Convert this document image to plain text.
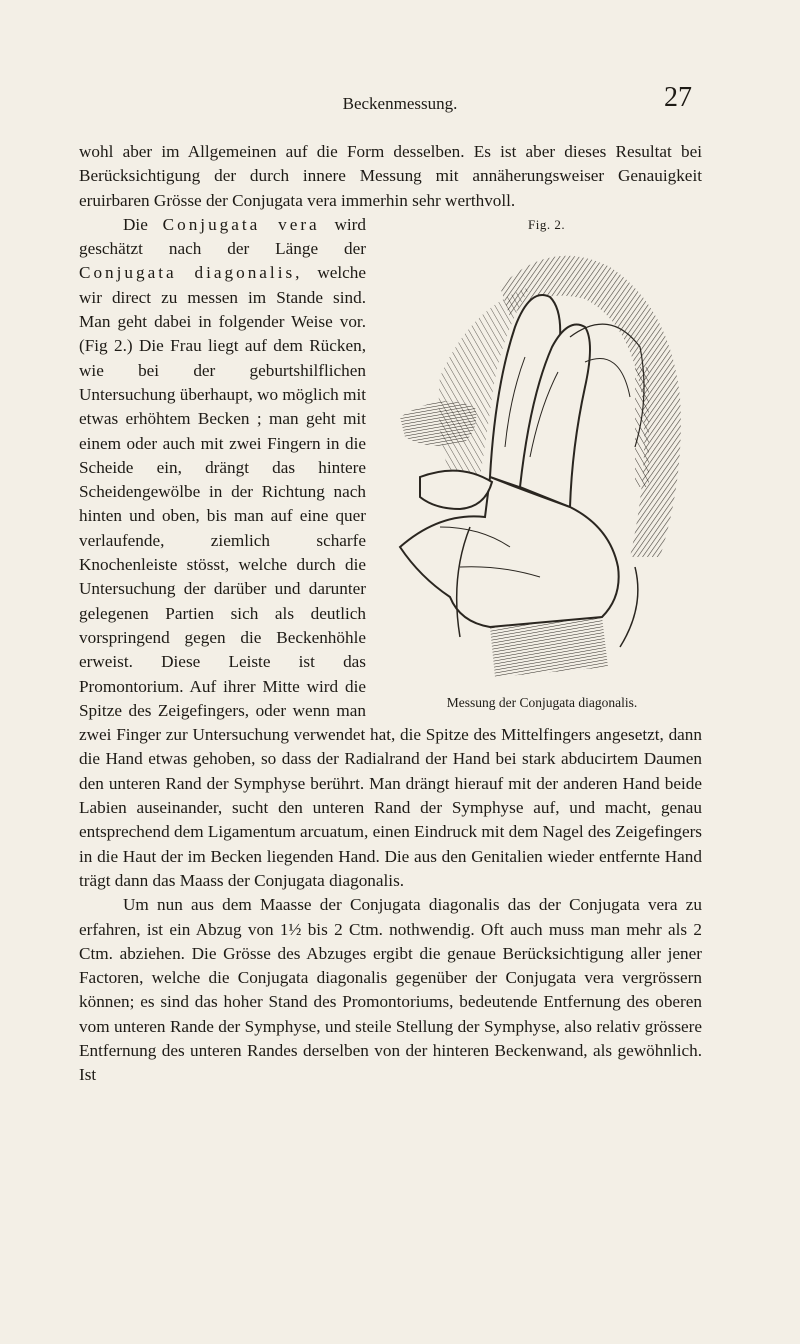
Beckenmessung.	27

wohl aber im Allgemeinen auf die Form desselben. Es ist aber dieses Resultat bei Berücksichtigung der durch innere Messung mit annäherungsweiser Genauigkeit eruirbaren Grösse der Conjugata vera immerhin sehr werthvoll.

Fig. 2.
Messung der Conjugata diagonalis.

Die Conjugata vera wird geschätzt nach der Länge der Conjugata diagonalis, welche wir direct zu messen im Stande sind. Man geht dabei in folgender Weise vor. (Fig 2.) Die Frau liegt auf dem Rücken, wie bei der geburtshilflichen Untersuchung überhaupt, wo möglich mit etwas erhöhtem Becken ; man geht mit einem oder auch mit zwei Fingern in die Scheide ein, drängt das hintere Scheidengewölbe in der Richtung nach hinten und oben, bis man auf eine quer verlaufende, ziemlich scharfe Knochenleiste stösst, welche durch die Untersuchung der darüber und darunter gelegenen Partien sich als deutlich vorspringend gegen die Beckenhöhle erweist. Diese Leiste ist das Promontorium. Auf ihrer Mitte wird die Spitze des Zeigefingers, oder wenn man zwei Finger zur Untersuchung verwendet hat, die Spitze des Mittelfingers angesetzt, dann die Hand etwas gehoben, so dass der Radialrand der Hand bei stark abducirtem Daumen den unteren Rand der Symphyse berührt. Man drängt hierauf mit der anderen Hand beide Labien auseinander, sucht den unteren Rand der Symphyse auf, und macht, genau entsprechend dem Ligamentum arcuatum, einen Eindruck mit dem Nagel des Zeigefingers in die Haut der im Becken liegenden Hand. Die aus den Genitalien wieder entfernte Hand trägt dann das Maass der Conjugata diagonalis.

Um nun aus dem Maasse der Conjugata diagonalis das der Conjugata vera zu erfahren, ist ein Abzug von 1½ bis 2 Ctm. nothwendig. Oft auch muss man mehr als 2 Ctm. abziehen. Die Grösse des Abzuges ergibt die genaue Berücksichtigung aller jener Factoren, welche die Conjugata diagonalis gegenüber der Conjugata vera vergrössern können; es sind das hoher Stand des Promontoriums, bedeutende Entfernung des oberen vom unteren Rande der Symphyse, und steile Stellung der Symphyse, also relativ grössere Entfernung des unteren Randes derselben von der hinteren Beckenwand, als gewöhnlich. Ist
